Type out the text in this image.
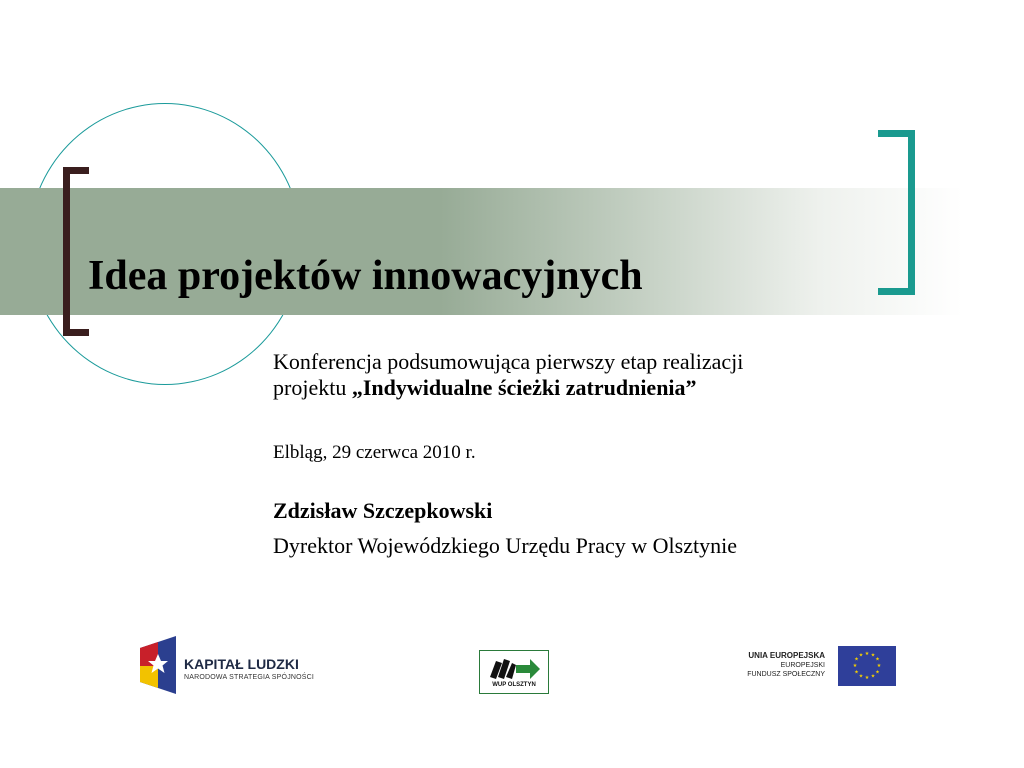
Idea projektów innowacyjnych
Konferencja podsumowująca pierwszy etap realizacji
projektu „Indywidualne ścieżki zatrudnienia”
Elbląg, 29 czerwca 2010 r.
Zdzisław Szczepkowski
Dyrektor Wojewódzkiego Urzędu Pracy w Olsztynie
KAPITAŁ LUDZKI
NARODOWA STRATEGIA SPÓJNOŚCI
WUP OLSZTYN
UNIA EUROPEJSKA
EUROPEJSKI
FUNDUSZ SPOŁECZNY
★ ★
★
★
★
★
★
★
★
★
★
★
